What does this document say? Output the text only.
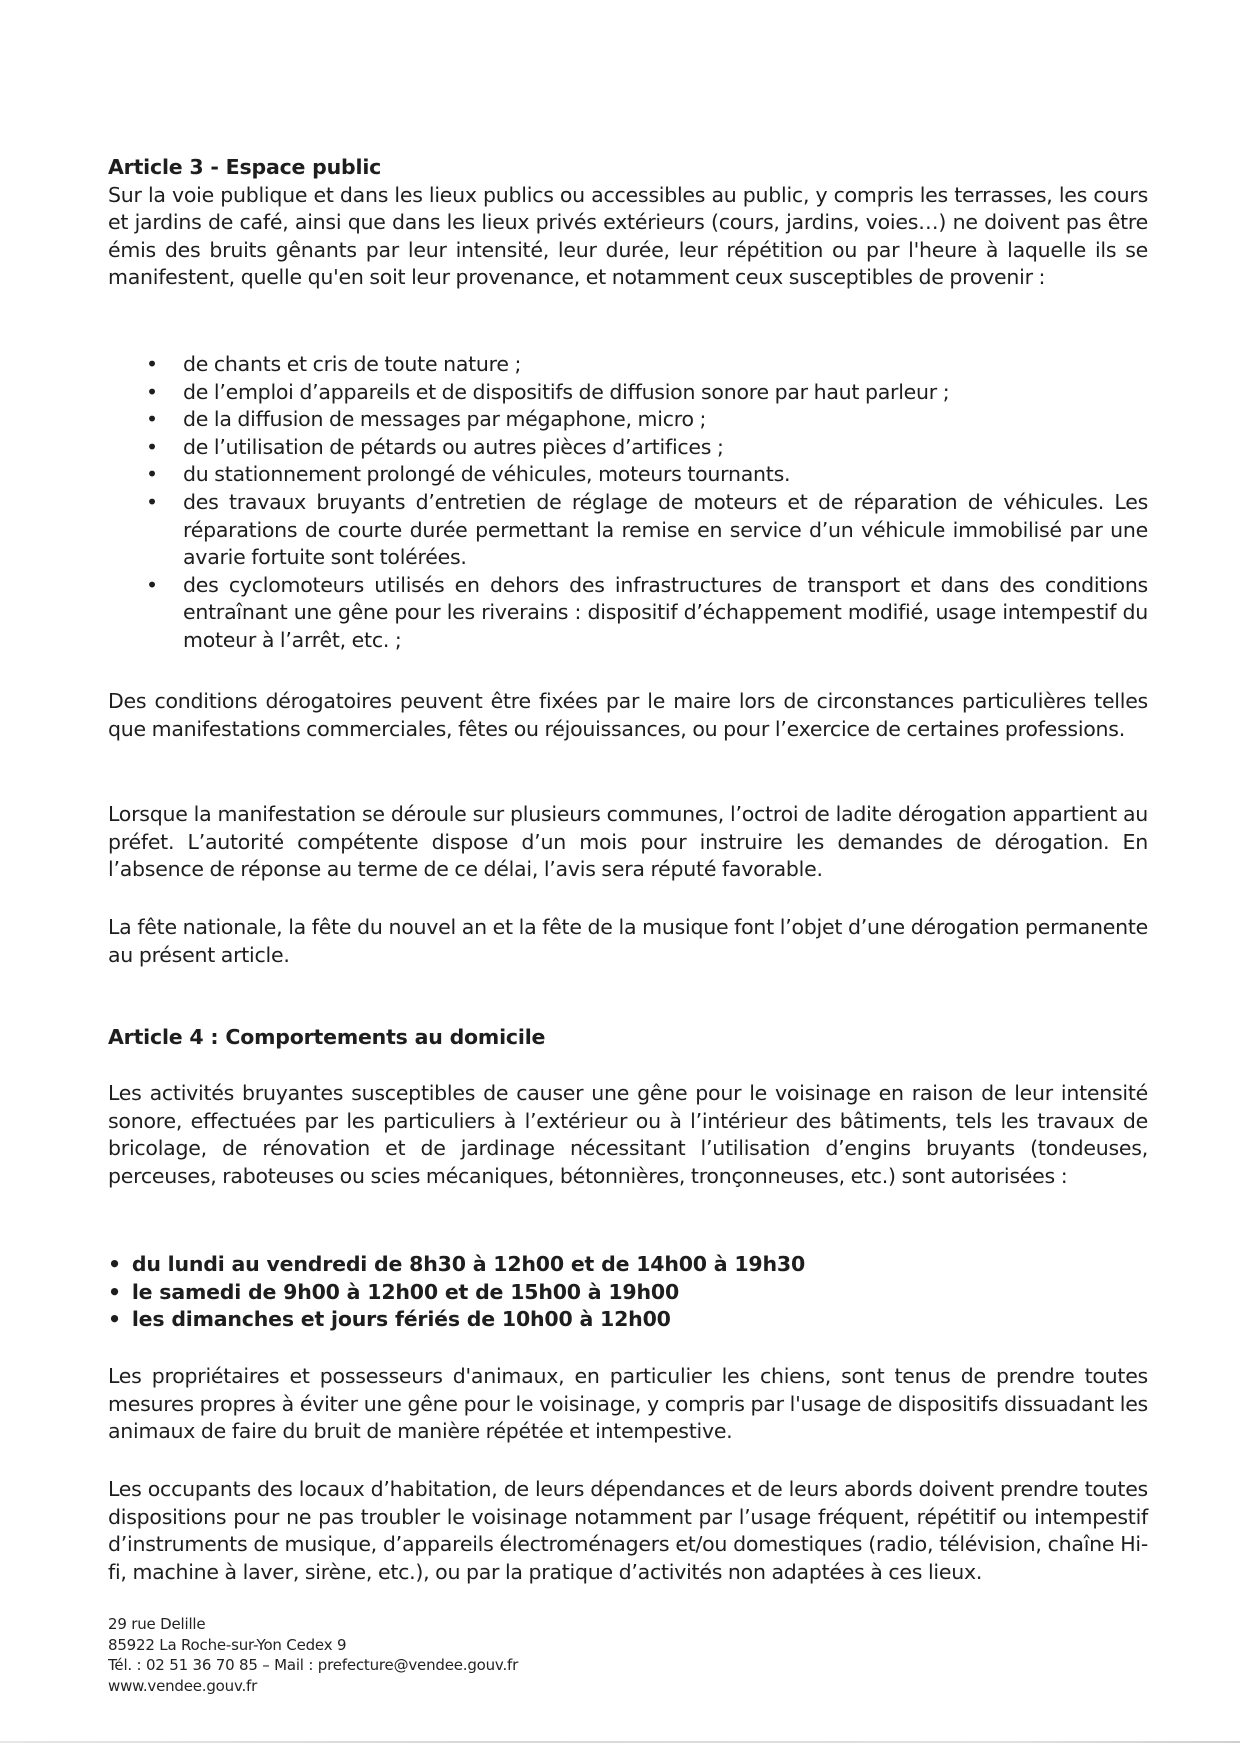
Article 3 - Espace public

Sur la voie publique et dans les lieux publics ou accessibles au public, y compris les terrasses, les cours et jardins de café, ainsi que dans les lieux privés extérieurs (cours, jardins, voies…) ne doivent pas être émis des bruits gênants par leur intensité, leur durée, leur répétition ou par l'heure à laquelle ils se manifestent, quelle qu'en soit leur provenance, et notamment ceux susceptibles de provenir :

• de chants et cris de toute nature ;
• de l’emploi d’appareils et de dispositifs de diffusion sonore par haut parleur ;
• de la diffusion de messages par mégaphone, micro ;
• de l’utilisation de pétards ou autres pièces d’artifices ;
• du stationnement prolongé de véhicules, moteurs tournants.
• des travaux bruyants d’entretien de réglage de moteurs et de réparation de véhicules. Les réparations de courte durée permettant la remise en service d’un véhicule immobilisé par une avarie fortuite sont tolérées.
• des cyclomoteurs utilisés en dehors des infrastructures de transport et dans des conditions entraînant une gêne pour les riverains : dispositif d’échappement modifié, usage intempestif du moteur à l’arrêt, etc. ;

Des conditions dérogatoires peuvent être fixées par le maire lors de circonstances particulières telles que manifestations commerciales, fêtes ou réjouissances, ou pour l’exercice de certaines professions.

Lorsque la manifestation se déroule sur plusieurs communes, l’octroi de ladite dérogation appartient au préfet. L’autorité compétente dispose d’un mois pour instruire les demandes de dérogation. En l’absence de réponse au terme de ce délai, l’avis sera réputé favorable.

La fête nationale, la fête du nouvel an et la fête de la musique font l’objet d’une dérogation permanente au présent article.

Article 4 : Comportements au domicile

Les activités bruyantes susceptibles de causer une gêne pour le voisinage en raison de leur intensité sonore, effectuées par les particuliers à l’extérieur ou à l’intérieur des bâtiments, tels les travaux de bricolage, de rénovation et de jardinage nécessitant l’utilisation d’engins bruyants (tondeuses, perceuses, raboteuses ou scies mécaniques, bétonnières, tronçonneuses, etc.) sont autorisées :

• du lundi au vendredi de 8h30 à 12h00 et de 14h00 à 19h30
• le samedi de 9h00 à 12h00 et de 15h00 à 19h00
• les dimanches et jours fériés de 10h00 à 12h00

Les propriétaires et possesseurs d'animaux, en particulier les chiens, sont tenus de prendre toutes mesures propres à éviter une gêne pour le voisinage, y compris par l'usage de dispositifs dissuadant les animaux de faire du bruit de manière répétée et intempestive.

Les occupants des locaux d’habitation, de leurs dépendances et de leurs abords doivent prendre toutes dispositions pour ne pas troubler le voisinage notamment par l’usage fréquent, répétitif ou intempestif d’instruments de musique, d’appareils électroménagers et/ou domestiques (radio, télévision, chaîne Hi-fi, machine à laver, sirène, etc.), ou par la pratique d’activités non adaptées à ces lieux.

29 rue Delille
85922 La Roche-sur-Yon Cedex 9
Tél. : 02 51 36 70 85 – Mail : prefecture@vendee.gouv.fr
www.vendee.gouv.fr
